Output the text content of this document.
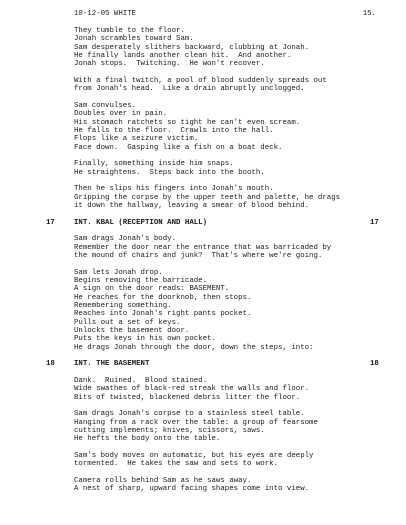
10-12-05 WHITE	15.
They tumble to the floor.
Jonah scrambles toward Sam.
Sam desperately slithers backward, clubbing at Jonah.
He finally lands another clean hit.  And another.
Jonah stops.  Twitching.  He won't recover.
With a final twitch, a pool of blood suddenly spreads out
from Jonah's head.  Like a drain abruptly unclogged.
Sam convulses.
Doubles over in pain.
His stomach ratchets so tight he can't even scream.
He falls to the floor.  Crawls into the hall.
Flops like a seizure victim.
Face down.  Gasping like a fish on a boat deck.
Finally, something inside him snaps.
He straightens.  Steps back into the booth.
Then he slips his fingers into Jonah's mouth.
Gripping the corpse by the upper teeth and palette, he drags
it down the hallway, leaving a smear of blood behind.
17	INT. KBAL (RECEPTION AND HALL)	17
Sam drags Jonah's body.
Remember the door near the entrance that was barricaded by
the mound of chairs and junk?  That's where we're going.
Sam lets Jonah drop.
Begins removing the barricade.
A sign on the door reads: BASEMENT.
He reaches for the doorknob, then stops.
Remembering something.
Reaches into Jonah's right pants pocket.
Pulls out a set of keys.
Unlocks the basement door.
Puts the keys in his own pocket.
He drags Jonah through the door, down the steps, into:
18	INT. THE BASEMENT	18
Dank.  Ruined.  Blood stained.
Wide swathes of black-red streak the walls and floor.
Bits of twisted, blackened debris litter the floor.
Sam drags Jonah's corpse to a stainless steel table.
Hanging from a rack over the table: a group of fearsome
cutting implements; knives, scissors, saws.
He hefts the body onto the table.
Sam's body moves on automatic, but his eyes are deeply
tormented.  He takes the saw and sets to work.
Camera rolls behind Sam as he saws away.
A nest of sharp, upward facing shapes come into view.
